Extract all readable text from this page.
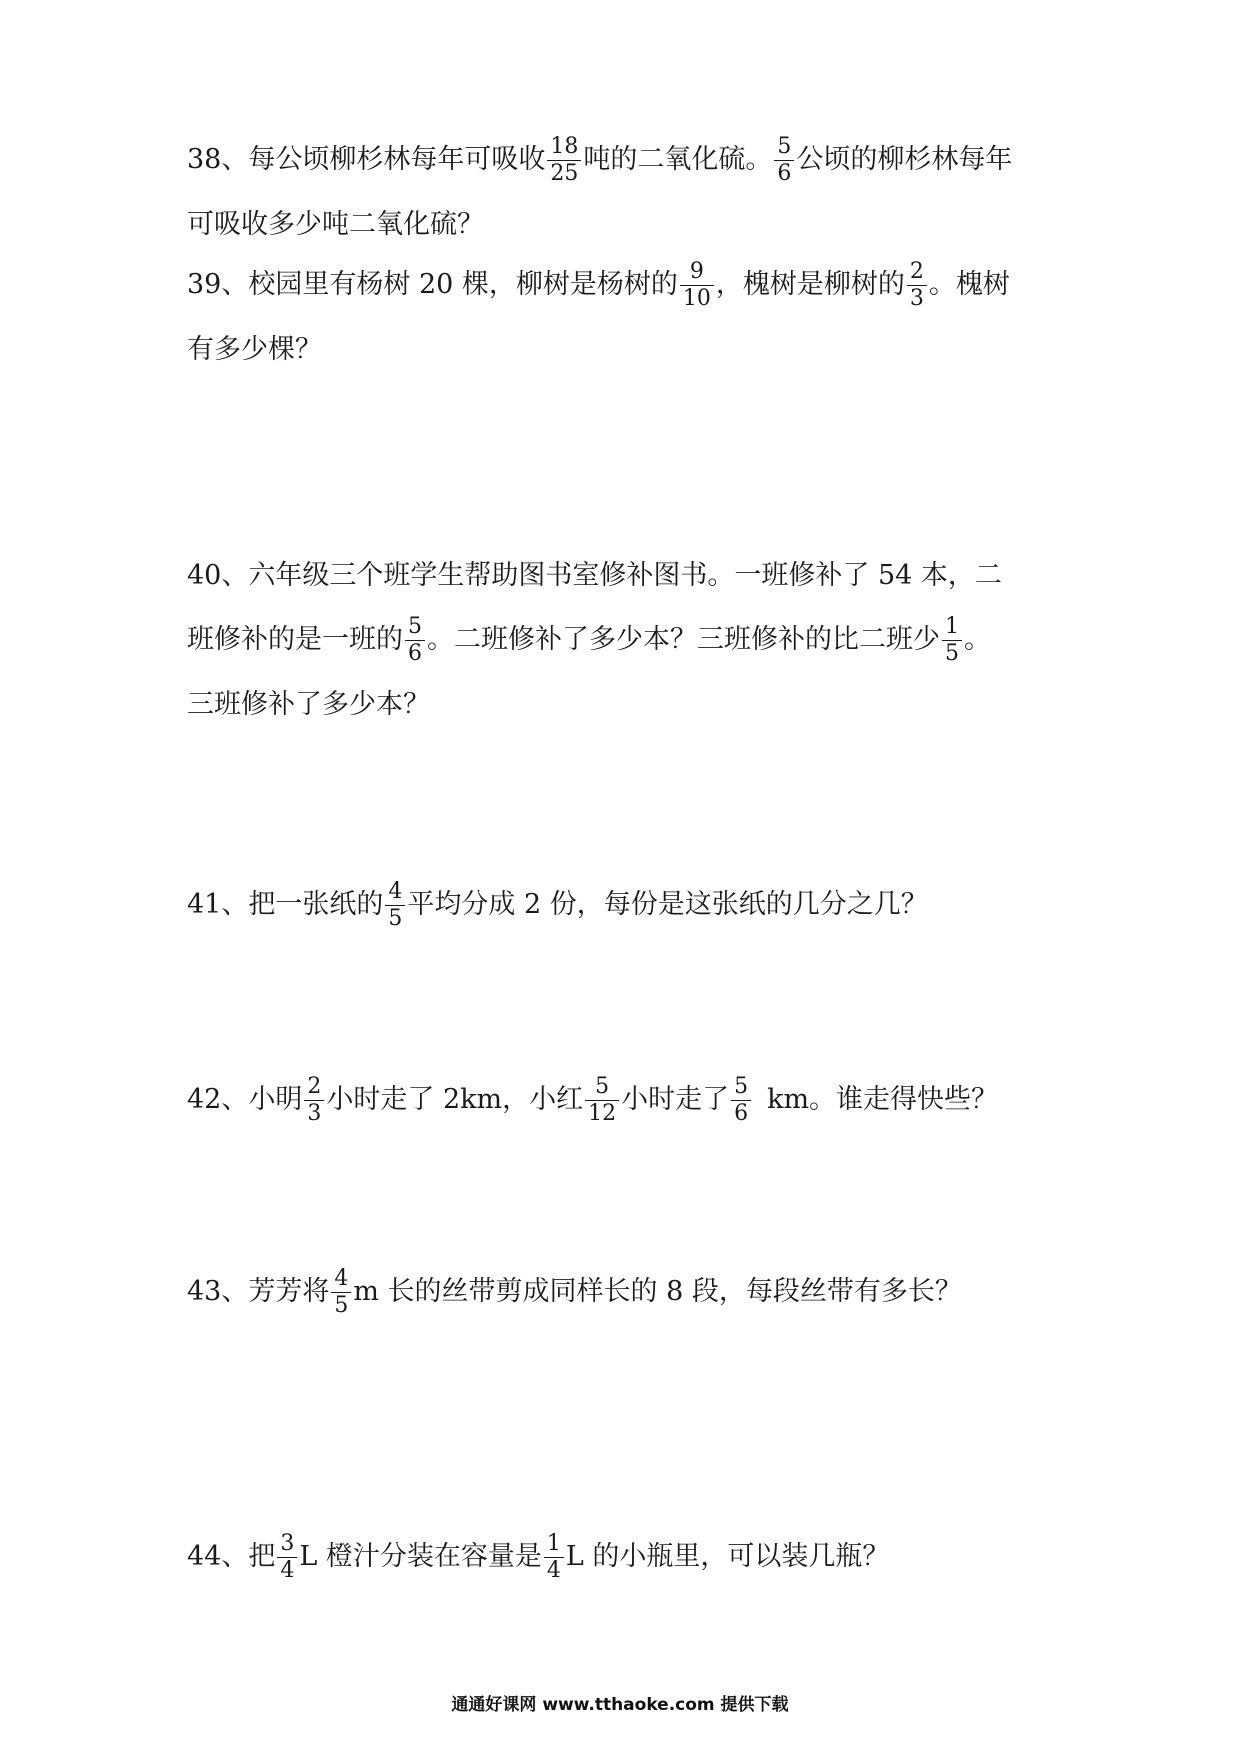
38、每公顷柳杉林每年可吸收 $\frac{18}{25}$ 吨的二氧化硫。 $\frac{5}{6}$ 公顷的柳杉林每年
可吸收多少吨二氧化硫？
39、校园里有杨树 20 棵，柳树是杨树的 $\frac{9}{10}$ ，槐树是柳树的 $\frac{2}{3}$ 。槐树
有多少棵？
40、六年级三个班学生帮助图书室修补图书。一班修补了 54 本，二
班修补的是一班的 $\frac{5}{6}$ 。二班修补了多少本？三班修补的比二班少 $\frac{1}{5}$ 。
三班修补了多少本？
41、把一张纸的 $\frac{4}{5}$ 平均分成 2 份，每份是这张纸的几分之几？
42、小明 $\frac{2}{3}$ 小时走了 2km，小红 $\frac{5}{12}$ 小时走了 $\frac{5}{6}$ km。谁走得快些？
43、芳芳将 $\frac{4}{5}$ m 长的丝带剪成同样长的 8 段，每段丝带有多长？
44、把 $\frac{3}{4}$ L 橙汁分装在容量是 $\frac{1}{4}$ L 的小瓶里，可以装几瓶？
通通好课网 www.tthaoke.com 提供下载
